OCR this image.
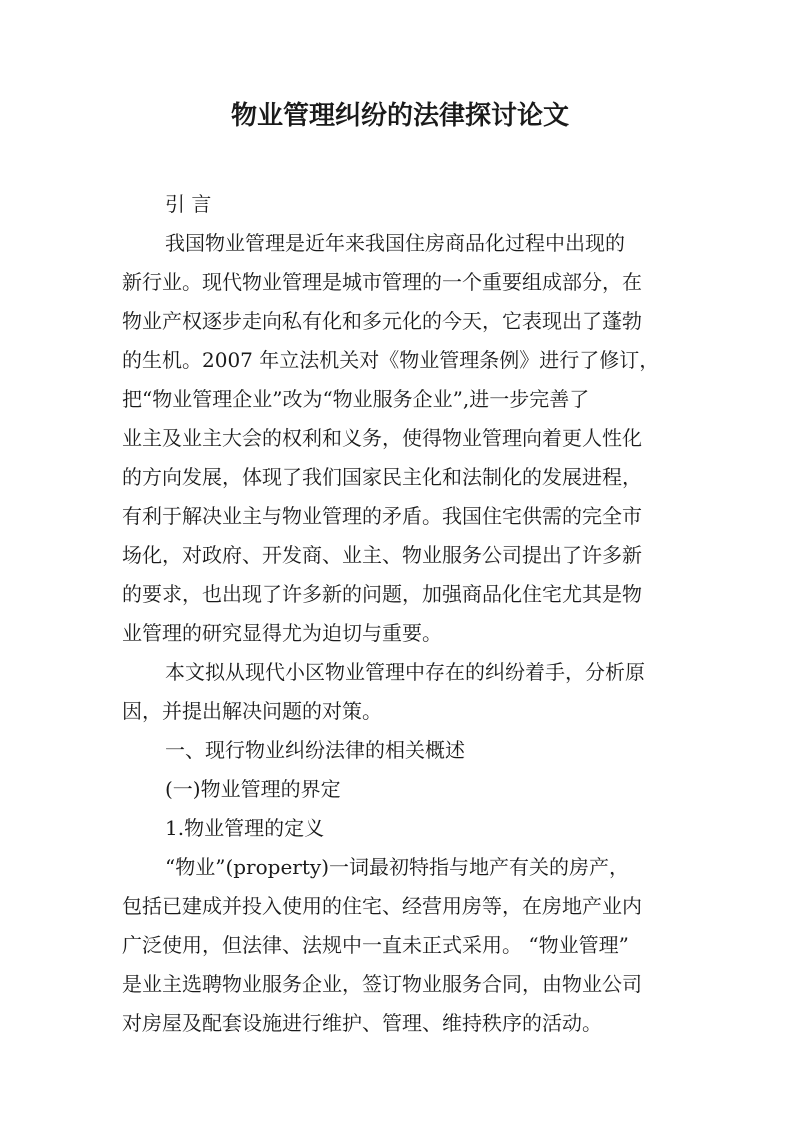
物业管理纠纷的法律探讨论文
引 言
我国物业管理是近年来我国住房商品化过程中出现的
新行业。现代物业管理是城市管理的一个重要组成部分，在
物业产权逐步走向私有化和多元化的今天，它表现出了蓬勃
的生机。2007 年立法机关对《物业管理条例》进行了修订，
把“物业管理企业”改为“物业服务企业”,进一步完善了
业主及业主大会的权利和义务，使得物业管理向着更人性化
的方向发展，体现了我们国家民主化和法制化的发展进程，
有利于解决业主与物业管理的矛盾。我国住宅供需的完全市
场化，对政府、开发商、业主、物业服务公司提出了许多新
的要求，也出现了许多新的问题，加强商品化住宅尤其是物
业管理的研究显得尤为迫切与重要。
本文拟从现代小区物业管理中存在的纠纷着手，分析原
因，并提出解决问题的对策。
一、现行物业纠纷法律的相关概述
(一)物业管理的界定
1.物业管理的定义
“物业”(property)一词最初特指与地产有关的房产，
包括已建成并投入使用的住宅、经营用房等，在房地产业内
广泛使用，但法律、法规中一直未正式采用。 “物业管理”
是业主选聘物业服务企业，签订物业服务合同，由物业公司
对房屋及配套设施进行维护、管理、维持秩序的活动。
